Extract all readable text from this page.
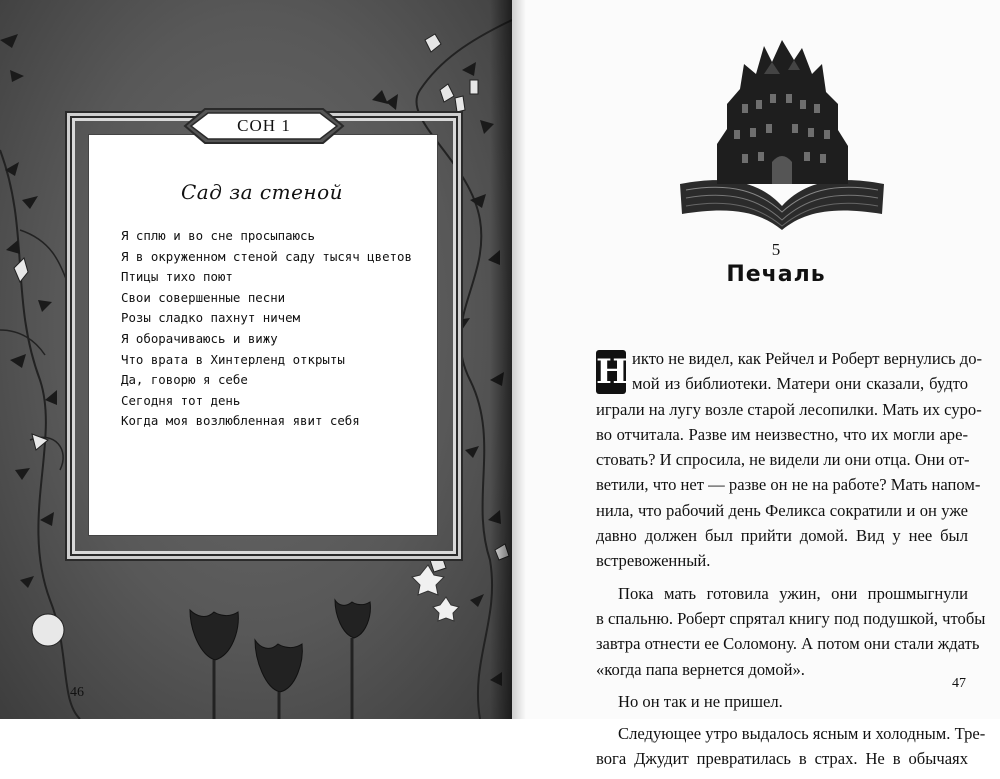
СОН 1
Сад за стеной
Я сплю и во сне просыпаюсь
Я в окруженном стеной саду тысяч цветов
Птицы тихо поют
Свои совершенные песни
Розы сладко пахнут ничем
Я оборачиваюсь и вижу
Что врата в Хинтерленд открыты
Да, говорю я себе
Сегодня тот день
Когда моя возлюбленная явит себя
46
5
Печаль

Н икто не видел, как Рейчел и Роберт вернулись до-
мой из библиотеки. Матери они сказали, будто
играли на лугу возле старой лесопилки. Мать их суро-
во отчитала. Разве им неизвестно, что их могли аре-
стовать? И спросила, не видели ли они отца. Они от-
ветили, что нет — разве он не на работе? Мать напом-
нила, что рабочий день Феликса сократили и он уже
давно должен был прийти домой. Вид у нее был
встревоженный.

Пока мать готовила ужин, они прошмыгнули
в спальню. Роберт спрятал книгу под подушкой, чтобы
завтра отнести ее Соломону. А потом они стали ждать
«когда папа вернется домой».

Но он так и не пришел.

Следующее утро выдалось ясным и холодным. Тре-
вога Джудит превратилась в страх. Не в обычаях

47
